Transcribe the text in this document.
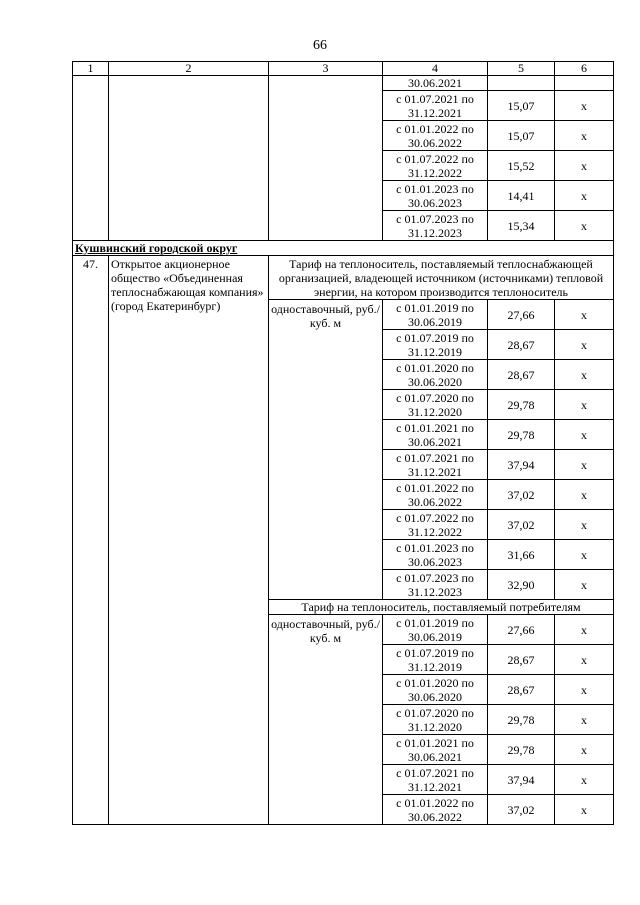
66
1	2	3	4	5	6
			30.06.2021		
			с 01.07.2021 по 31.12.2021	15,07	х
			с 01.01.2022 по 30.06.2022	15,07	х
			с 01.07.2022 по 31.12.2022	15,52	х
			с 01.01.2023 по 30.06.2023	14,41	х
			с 01.07.2023 по 31.12.2023	15,34	х
Кушвинский городской округ					
47.	Открытое акционерное общество «Объединенная теплоснабжающая компания» (город Екатеринбург)	Тариф на теплоноситель, поставляемый теплоснабжающей организацией, владеющей источником (источниками) тепловой энергии, на котором производится теплоноситель			
		одноставочный, руб./куб. м	с 01.01.2019 по 30.06.2019	27,66	х
			с 01.07.2019 по 31.12.2019	28,67	х
			с 01.01.2020 по 30.06.2020	28,67	х
			с 01.07.2020 по 31.12.2020	29,78	х
			с 01.01.2021 по 30.06.2021	29,78	х
			с 01.07.2021 по 31.12.2021	37,94	х
			с 01.01.2022 по 30.06.2022	37,02	х
			с 01.07.2022 по 31.12.2022	37,02	х
			с 01.01.2023 по 30.06.2023	31,66	х
			с 01.07.2023 по 31.12.2023	32,90	х
		Тариф на теплоноситель, поставляемый потребителям			
		одноставочный, руб./куб. м	с 01.01.2019 по 30.06.2019	27,66	х
			с 01.07.2019 по 31.12.2019	28,67	х
			с 01.01.2020 по 30.06.2020	28,67	х
			с 01.07.2020 по 31.12.2020	29,78	х
			с 01.01.2021 по 30.06.2021	29,78	х
			с 01.07.2021 по 31.12.2021	37,94	х
			с 01.01.2022 по 30.06.2022	37,02	х
